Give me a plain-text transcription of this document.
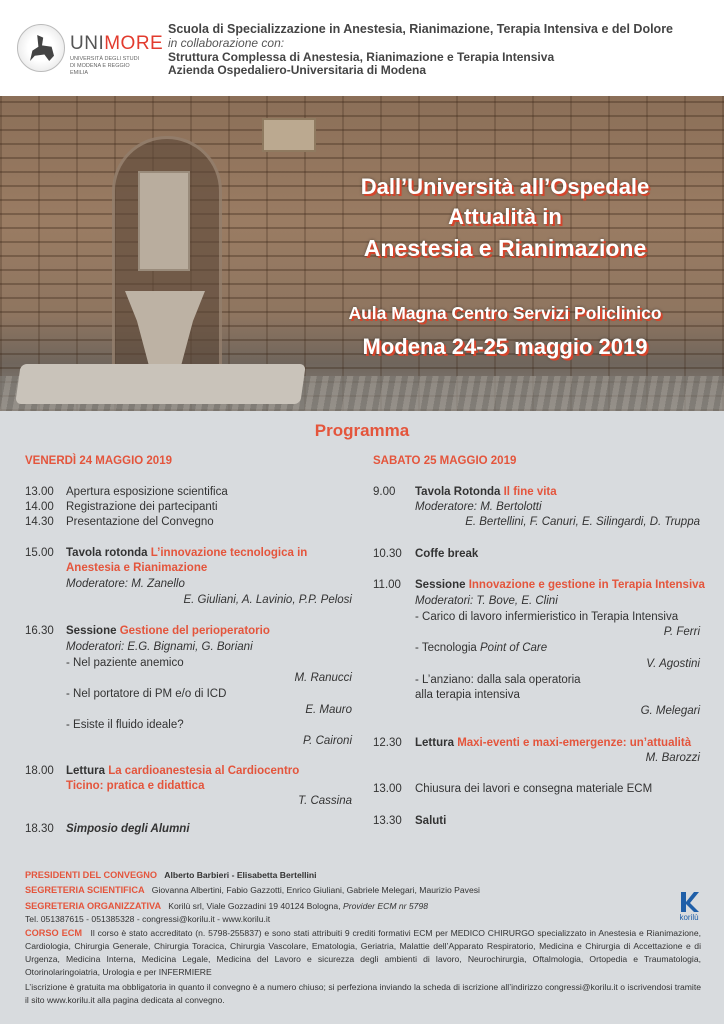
UNIMORE
UNIVERSITÀ DEGLI STUDI DI MODENA E REGGIO EMILIA
Scuola di Specializzazione in Anestesia, Rianimazione, Terapia Intensiva e del Dolore
in collaborazione con:
Struttura Complessa di Anestesia, Rianimazione e Terapia Intensiva
Azienda Ospedaliero-Universitaria di Modena
Dall’Università all’Ospedale
Attualità in
Anestesia e Rianimazione
Aula Magna Centro Servizi Policlinico
Modena 24-25 maggio 2019
Programma
VENERDÌ 24 MAGGIO 2019
13.00 Apertura esposizione scientifica
14.00 Registrazione dei partecipanti
14.30 Presentazione del Convegno
15.00 Tavola rotonda L’innovazione tecnologica in
Anestesia e Rianimazione
Moderatore: M. Zanello
E. Giuliani, A. Lavinio, P.P. Pelosi
16.30 Sessione Gestione del perioperatorio
Moderatori: E.G. Bignami, G. Boriani
- Nel paziente anemico
M. Ranucci
- Nel portatore di PM e/o di ICD
E. Mauro
- Esiste il fluido ideale?
P. Caironi
18.00 Lettura La cardioanestesia al Cardiocentro
Ticino: pratica e didattica
T. Cassina
18.30 Simposio degli Alumni
SABATO 25 MAGGIO 2019
9.00 Tavola Rotonda Il fine vita
Moderatore: M. Bertolotti
E. Bertellini, F. Canuri, E. Silingardi, D. Truppa
10.30 Coffe break
11.00 Sessione Innovazione e gestione in Terapia Intensiva
Moderatori: T. Bove, E. Clini
- Carico di lavoro infermieristico in Terapia Intensiva
P. Ferri
- Tecnologia Point of Care
V. Agostini
- L’anziano: dalla sala operatoria
alla terapia intensiva
G. Melegari
12.30 Lettura Maxi-eventi e maxi-emergenze: un’attualità
M. Barozzi
13.00 Chiusura dei lavori e consegna materiale ECM
13.30 Saluti
PRESIDENTI DEL CONVEGNO Alberto Barbieri - Elisabetta Bertellini
SEGRETERIA SCIENTIFICA Giovanna Albertini, Fabio Gazzotti, Enrico Giuliani, Gabriele Melegari, Maurizio Pavesi
SEGRETERIA ORGANIZZATIVA Korilù srl, Viale Gozzadini 19 40124 Bologna, Provider ECM nr 5798
Tel. 051387615 - 051385328 - congressi@korilu.it - www.korilu.it	korilù
CORSO ECM Il corso è stato accreditato (n. 5798-255837) e sono stati attribuiti 9 crediti formativi ECM per MEDICO CHIRURGO specializzato in Anestesia e Rianimazione, Cardiologia, Chirurgia Generale, Chirurgia Toracica, Chirurgia Vascolare, Ematologia, Geriatria, Malattie dell’Apparato Respiratorio, Medicina e Chirurgia di Accettazione e di Urgenza, Medicina Interna, Medicina Legale, Medicina del Lavoro e sicurezza degli ambienti di lavoro, Neurochirurgia, Oftalmologia, Ortopedia e Traumatologia, Otorinolaringoiatria, Urologia e per INFERMIERE
L’iscrizione è gratuita ma obbligatoria in quanto il convegno è a numero chiuso; si perfeziona inviando la scheda di iscrizione all’indirizzo congressi@korilu.it o iscrivendosi tramite il sito www.korilu.it alla pagina dedicata al convegno.
